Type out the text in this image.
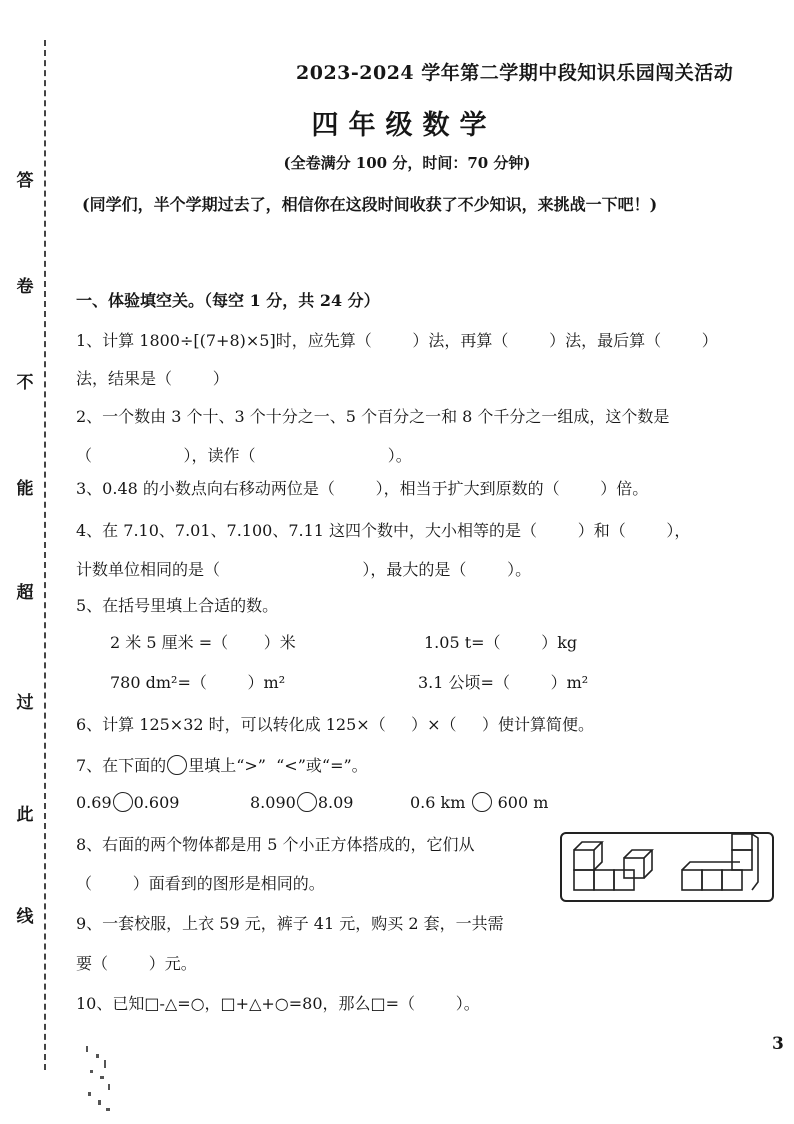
答
卷
不
能
超
过
此
线
2023-2024 学年第二学期中段知识乐园闯关活动
四年级数学
(全卷满分 100 分，时间：70 分钟)
(同学们，半个学期过去了，相信你在这段时间收获了不少知识，来挑战一下吧！)
一、体验填空关。（每空 1 分，共 24 分）
1、计算 1800÷[(7+8)×5]时，应先算（        ）法，再算（        ）法，最后算（        ）
法，结果是（        ）
2、一个数由 3 个十、3 个十分之一、5 个百分之一和 8 个千分之一组成，这个数是
（                  ），读作（                          ）。
3、0.48 的小数点向右移动两位是（        ），相当于扩大到原数的（        ）倍。
4、在 7.10、7.01、7.100、7.11 这四个数中，大小相等的是（        ）和（        ），
计数单位相同的是（                            ），最大的是（        ）。
5、在括号里填上合适的数。
2 米 5 厘米 =（       ）米	1.05 t=（        ）kg
780 dm²=（        ）m²	3.1 公顷=（        ）m²
6、计算 125×32 时，可以转化成 125×（     ）×（     ）使计算简便。
7、在下面的 里填上“>”  “<”或“=”。
0.69 0.609	8.090 8.09	0.6 km 600 m
8、右面的两个物体都是用 5 个小正方体搭成的，它们从
（        ）面看到的图形是相同的。
9、一套校服，上衣 59 元，裤子 41 元，购买 2 套，一共需
要（        ）元。
10、已知□-△=○，□+△+○=80，那么□=（        ）。
3
